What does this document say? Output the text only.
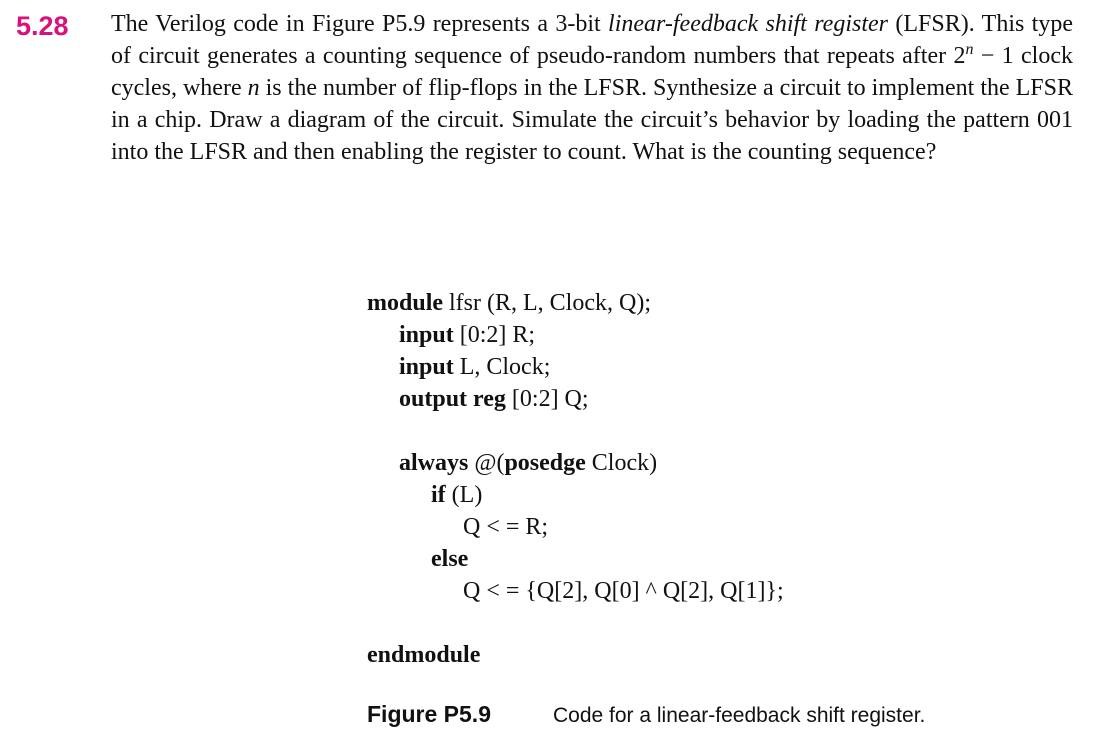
5.28 The Verilog code in Figure P5.9 represents a 3-bit linear-feedback shift register (LFSR). This type of circuit generates a counting sequence of pseudo-random numbers that repeats after $2^n - 1$ clock cycles, where n is the number of flip-flops in the LFSR. Synthesize a circuit to implement the LFSR in a chip. Draw a diagram of the circuit. Simulate the circuit’s behavior by loading the pattern 001 into the LFSR and then enabling the register to count. What is the counting sequence?
module lfsr (R, L, Clock, Q);
input [0:2] R;
input L, Clock;
output reg [0:2] Q;
always @(posedge Clock)
if (L)
Q < = R;
else
Q < = {Q[2], Q[0] ^ Q[2], Q[1]};
endmodule
Figure P5.9	Code for a linear-feedback shift register.
